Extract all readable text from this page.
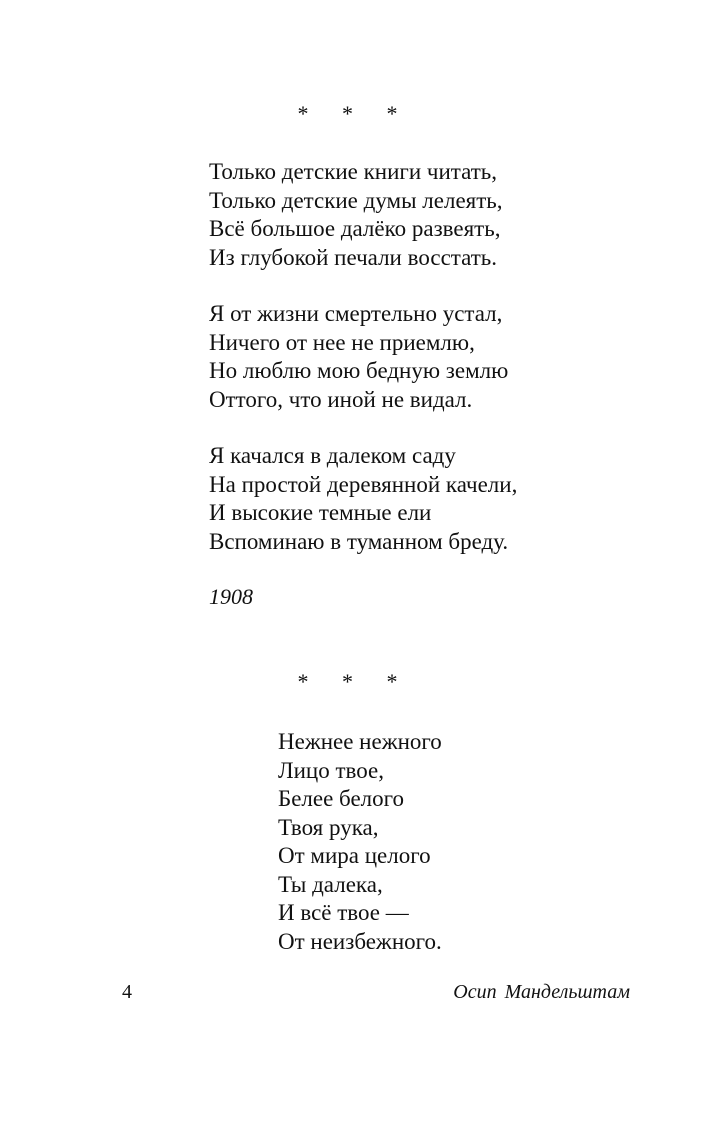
* * *
Только детские книги читать,
Только детские думы лелеять,
Всё большое далёко развеять,
Из глубокой печали восстать.
Я от жизни смертельно устал,
Ничего от нее не приемлю,
Но люблю мою бедную землю
Оттого, что иной не видал.
Я качался в далеком саду
На простой деревянной качели,
И высокие темные ели
Вспоминаю в туманном бреду.
1908
* * *
Нежнее нежного
Лицо твое,
Белее белого
Твоя рука,
От мира целого
Ты далека,
И всё твое —
От неизбежного.
4	Осип Мандельштам
